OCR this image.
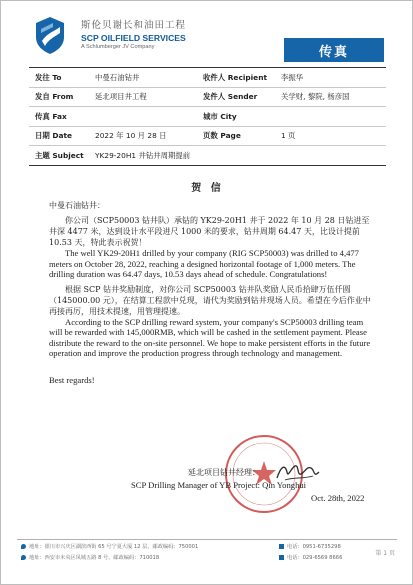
斯伦贝谢长和油田工程
SCP OILFIELD SERVICES
A Schlumberger JV Company	传真
发往 To	中曼石油钻井	收件人 Recipient 李振华
发自 From	延北项目井工程	发件人 Sender	关学财, 黎院, 杨彦国
传真 Fax	城市 City
日期 Date	2022 年 10 月 28 日	页数 Page	1 页
主题 Subject YK29-20H1 井钻井周期提前
贺 信

中曼石油钻井：

你公司（SCP50003 钻井队）承钻的 YK29-20H1 井于 2022 年 10 月 28 日钻进至井深 4477 米，达到设计水平段进尺 1000 米的要求，钻井周期 64.47 天，比设计提前 10.53 天，特此表示祝贺！

The well YK29-20H1 drilled by your company (RIG SCP50003) was drilled to 4,477 meters on October 28, 2022, reaching a designed horizontal footage of 1,000 meters. The drilling duration was 64.47 days, 10.53 days ahead of schedule. Congratulations!

根据 SCP 钻井奖励制度，对你公司 SCP50003 钻井队奖励人民币拾肆万伍仟圆（145000.00 元），在结算工程款中兑现，请代为奖励到钻井现场人员。希望在今后作业中再接再厉，用技术提速，用管理提速。

According to the SCP drilling reward system, your company's SCP50003 drilling team will be rewarded with 145,000RMB, which will be cashed in the settlement payment. Please distribute the reward to the on-site personnel. We hope to make persistent efforts in the future operation and improve the production progress through technology and management.

Best regards!
延北项目钻井经理：
SCP Drilling Manager of YB Project: Qin Yonghui
Oct. 28th, 2022
地址：银川市兴庆区湖滨西街 65 号宁夏大厦 12 层，邮政编码：750001
地址：西安市未央区凤城五路 8 号，邮政编码：710018
电话：0951-6735298
电话：029-6569 8666
第 1 页
